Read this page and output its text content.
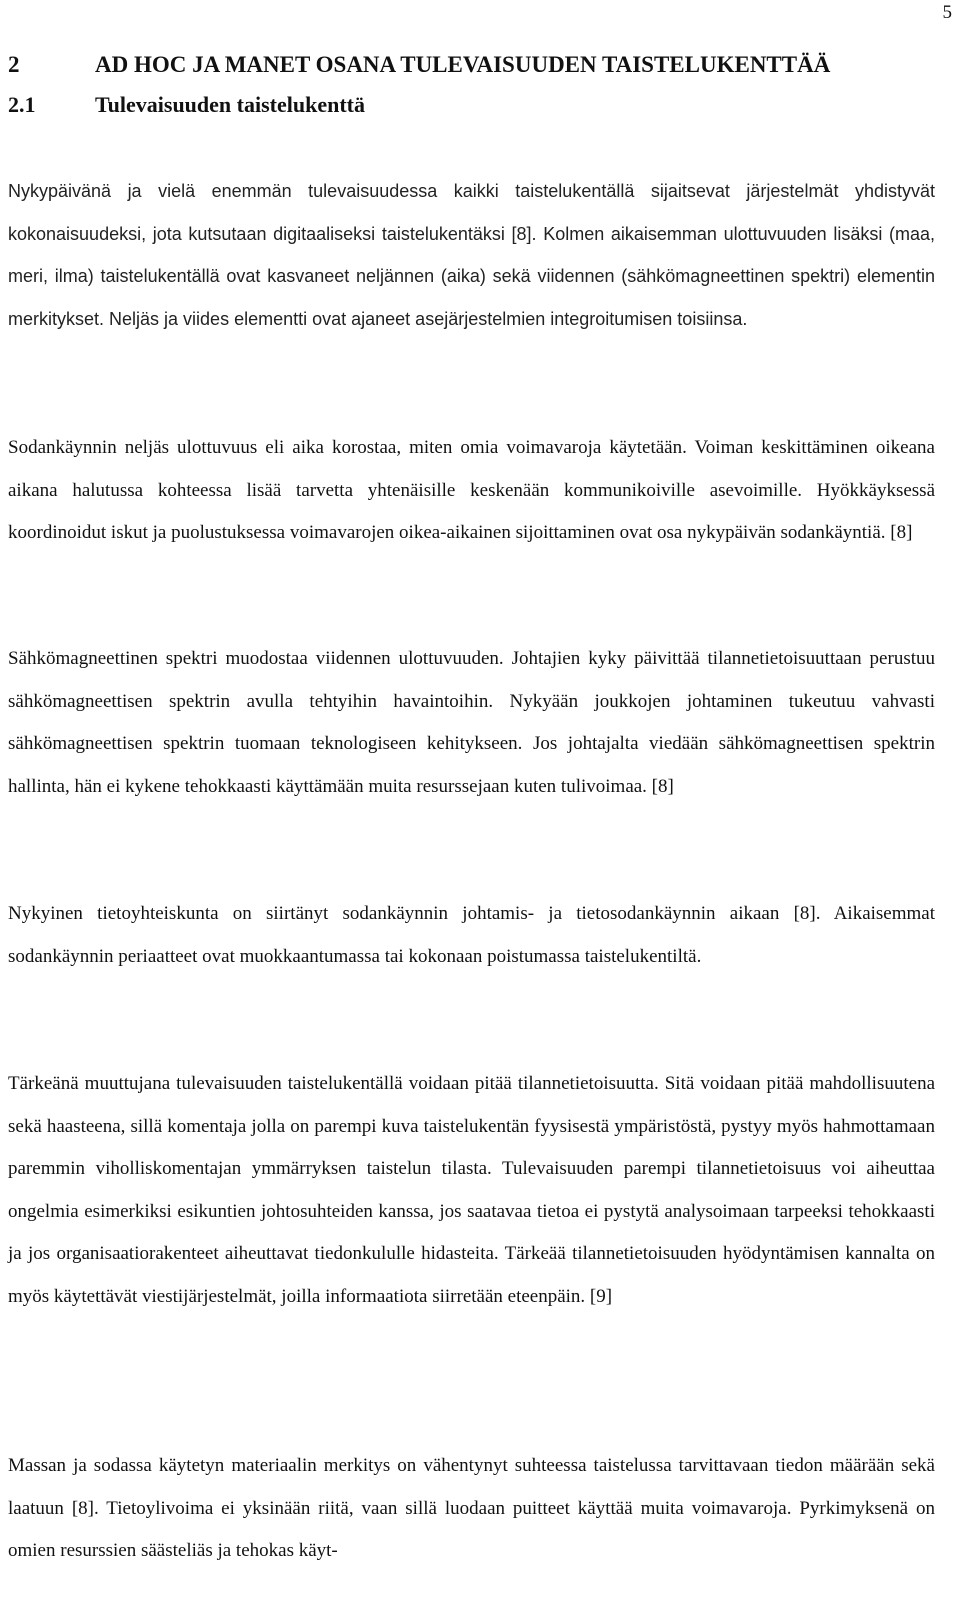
5
2	AD HOC JA MANET OSANA TULEVAISUUDEN TAISTELUKENTTÄÄ
2.1	Tulevaisuuden taistelukenttä

Nykypäivänä ja vielä enemmän tulevaisuudessa kaikki taistelukentällä sijaitsevat järjestelmät yhdistyvät kokonaisuudeksi, jota kutsutaan digitaaliseksi taistelukentäksi [8]. Kolmen aikaisemman ulottuvuuden lisäksi (maa, meri, ilma) taistelukentällä ovat kasvaneet neljännen (aika) sekä viidennen (sähkömagneettinen spektri) elementin merkitykset. Neljäs ja viides elementti ovat ajaneet asejärjestelmien integroitumisen toisiinsa.

Sodankäynnin neljäs ulottuvuus eli aika korostaa, miten omia voimavaroja käytetään. Voiman keskittäminen oikeana aikana halutussa kohteessa lisää tarvetta yhtenäisille keskenään kommunikoiville asevoimille. Hyökkäyksessä koordinoidut iskut ja puolustuksessa voimavarojen oikea-aikainen sijoittaminen ovat osa nykypäivän sodankäyntiä. [8]

Sähkömagneettinen spektri muodostaa viidennen ulottuvuuden. Johtajien kyky päivittää tilannetietoisuuttaan perustuu sähkömagneettisen spektrin avulla tehtyihin havaintoihin. Nykyään joukkojen johtaminen tukeutuu vahvasti sähkömagneettisen spektrin tuomaan teknologiseen kehitykseen. Jos johtajalta viedään sähkömagneettisen spektrin hallinta, hän ei kykene tehokkaasti käyttämään muita resurssejaan kuten tulivoimaa. [8]

Nykyinen tietoyhteiskunta on siirtänyt sodankäynnin johtamis- ja tietosodankäynnin aikaan [8]. Aikaisemmat sodankäynnin periaatteet ovat muokkaantumassa tai kokonaan poistumassa taistelukentiltä.

Tärkeänä muuttujana tulevaisuuden taistelukentällä voidaan pitää tilannetietoisuutta. Sitä voidaan pitää mahdollisuutena sekä haasteena, sillä komentaja jolla on parempi kuva taistelukentän fyysisestä ympäristöstä, pystyy myös hahmottamaan paremmin viholliskomentajan ymmärryksen taistelun tilasta. Tulevaisuuden parempi tilannetietoisuus voi aiheuttaa ongelmia esimerkiksi esikuntien johtosuhteiden kanssa, jos saatavaa tietoa ei pystytä analysoimaan tarpeeksi tehokkaasti ja jos organisaatiorakenteet aiheuttavat tiedonkululle hidasteita. Tärkeää tilannetietoisuuden hyödyntämisen kannalta on myös käytettävät viestijärjestelmät, joilla informaatiota siirretään eteenpäin. [9]

Massan ja sodassa käytetyn materiaalin merkitys on vähentynyt suhteessa taistelussa tarvittavaan tiedon määrään sekä laatuun [8]. Tietoylivoima ei yksinään riitä, vaan sillä luodaan puitteet käyttää muita voimavaroja. Pyrkimyksenä on omien resurssien säästeliäs ja tehokas käyt-
